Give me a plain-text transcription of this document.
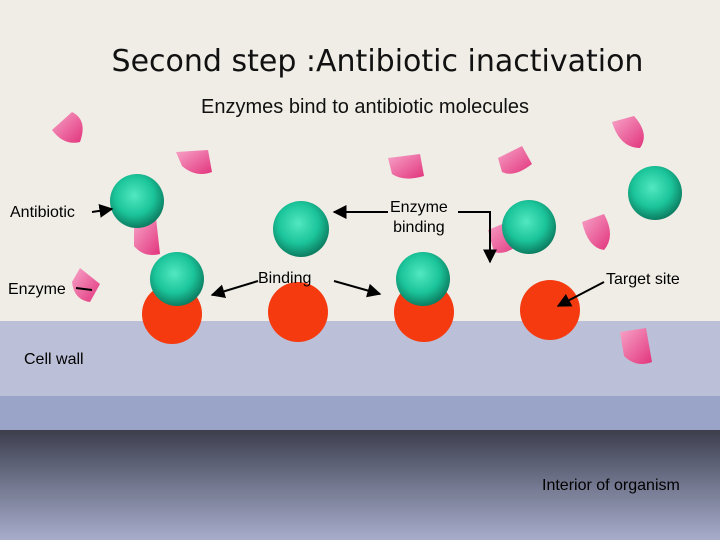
Second step :Antibiotic inactivation
Enzymes bind to antibiotic molecules
Antibiotic
Enzyme
Enzyme
binding
Binding	Target site
Cell wall
Interior of organism
